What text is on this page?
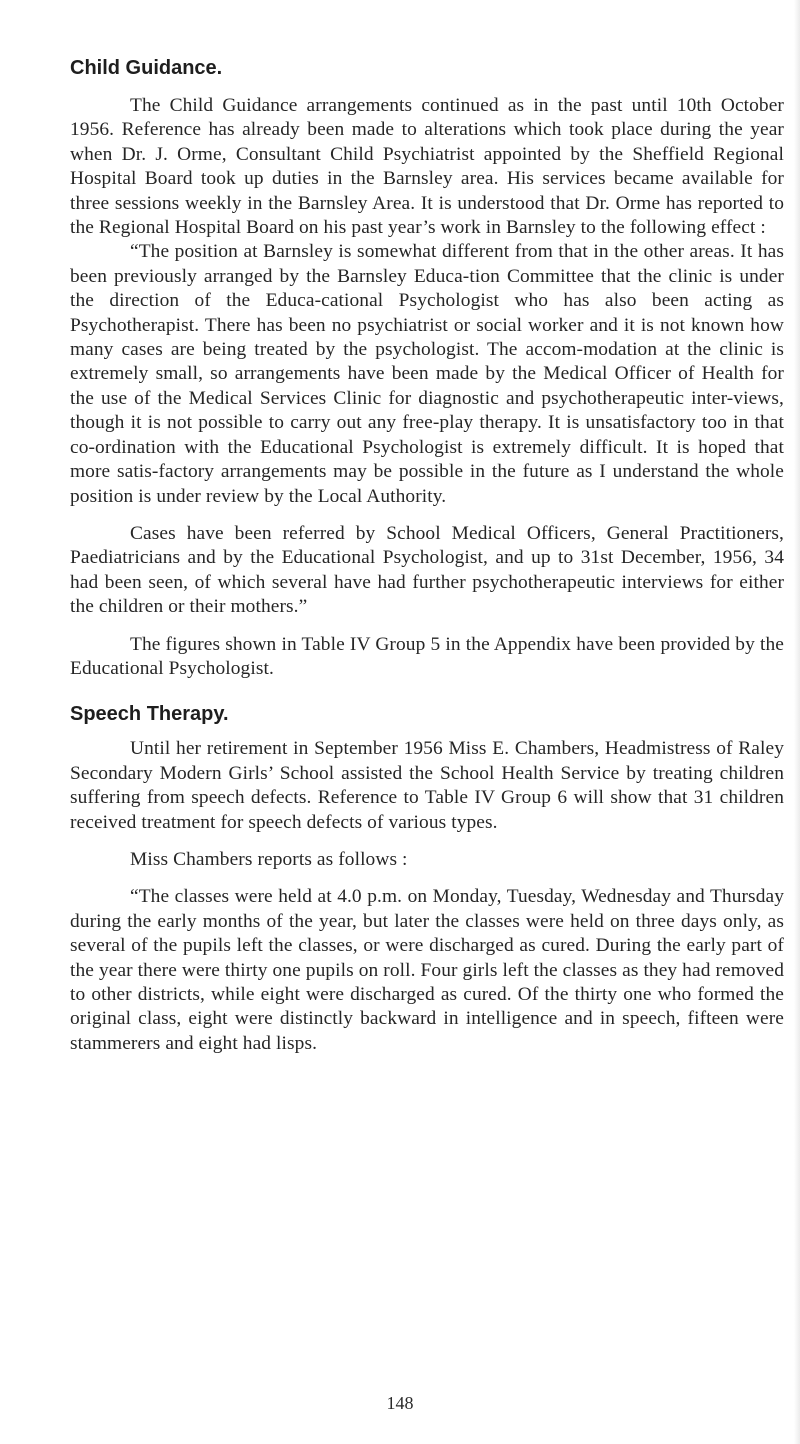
Child Guidance.

The Child Guidance arrangements continued as in the past until 10th October 1956. Reference has already been made to alterations which took place during the year when Dr. J. Orme, Consultant Child Psychiatrist appointed by the Sheffield Regional Hospital Board took up duties in the Barnsley area. His services became available for three sessions weekly in the Barnsley Area. It is understood that Dr. Orme has reported to the Regional Hospital Board on his past year’s work in Barnsley to the following effect :

“The position at Barnsley is somewhat different from that in the other areas. It has been previously arranged by the Barnsley Educa-tion Committee that the clinic is under the direction of the Educa-cational Psychologist who has also been acting as Psychotherapist. There has been no psychiatrist or social worker and it is not known how many cases are being treated by the psychologist. The accom-modation at the clinic is extremely small, so arrangements have been made by the Medical Officer of Health for the use of the Medical Services Clinic for diagnostic and psychotherapeutic inter-views, though it is not possible to carry out any free-play therapy. It is unsatisfactory too in that co-ordination with the Educational Psychologist is extremely difficult. It is hoped that more satis-factory arrangements may be possible in the future as I understand the whole position is under review by the Local Authority.

Cases have been referred by School Medical Officers, General Practitioners, Paediatricians and by the Educational Psychologist, and up to 31st December, 1956, 34 had been seen, of which several have had further psychotherapeutic interviews for either the children or their mothers.”

The figures shown in Table IV Group 5 in the Appendix have been provided by the Educational Psychologist.

Speech Therapy.

Until her retirement in September 1956 Miss E. Chambers, Headmistress of Raley Secondary Modern Girls’ School assisted the School Health Service by treating children suffering from speech defects. Reference to Table IV Group 6 will show that 31 children received treatment for speech defects of various types.

Miss Chambers reports as follows :

“The classes were held at 4.0 p.m. on Monday, Tuesday, Wednesday and Thursday during the early months of the year, but later the classes were held on three days only, as several of the pupils left the classes, or were discharged as cured. During the early part of the year there were thirty one pupils on roll. Four girls left the classes as they had removed to other districts, while eight were discharged as cured. Of the thirty one who formed the original class, eight were distinctly backward in intelligence and in speech, fifteen were stammerers and eight had lisps.

148
